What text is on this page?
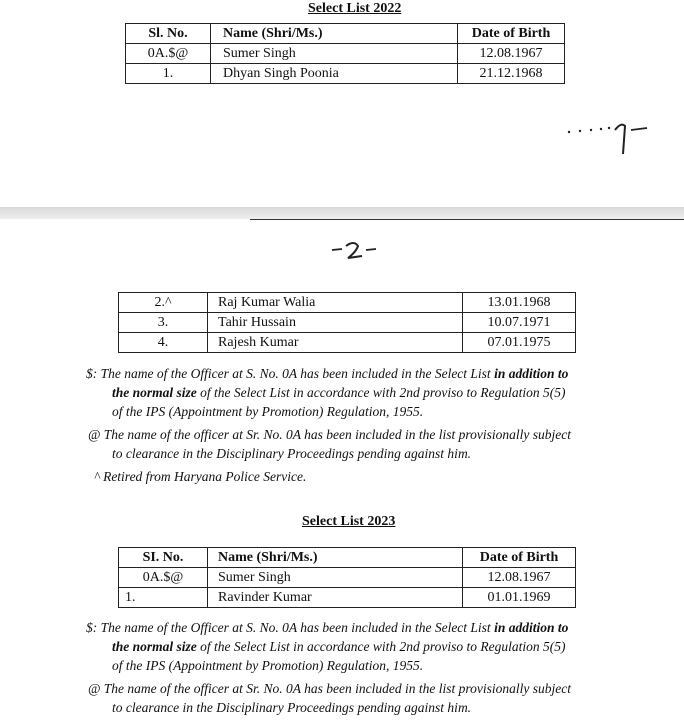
Select List 2022
Sl. No.	Name (Shri/Ms.)	Date of Birth
0A.$@	Sumer Singh	12.08.1967
1.	Dhyan Singh Poonia	21.12.1968
2.^	Raj Kumar Walia	13.01.1968
3.	Tahir Hussain	10.07.1971
4.	Rajesh Kumar	07.01.1975
$: The name of the Officer at S. No. 0A has been included in the Select List in addition to
the normal size of the Select List in accordance with 2nd proviso to Regulation 5(5)
of the IPS (Appointment by Promotion) Regulation, 1955.
@ The name of the officer at Sr. No. 0A has been included in the list provisionally subject
to clearance in the Disciplinary Proceedings pending against him.
^ Retired from Haryana Police Service.
Select List 2023
SI. No.	Name (Shri/Ms.)	Date of Birth
0A.$@	Sumer Singh	12.08.1967
1.	Ravinder Kumar	01.01.1969
$: The name of the Officer at S. No. 0A has been included in the Select List in addition to
the normal size of the Select List in accordance with 2nd proviso to Regulation 5(5)
of the IPS (Appointment by Promotion) Regulation, 1955.
@ The name of the officer at Sr. No. 0A has been included in the list provisionally subject
to clearance in the Disciplinary Proceedings pending against him.
